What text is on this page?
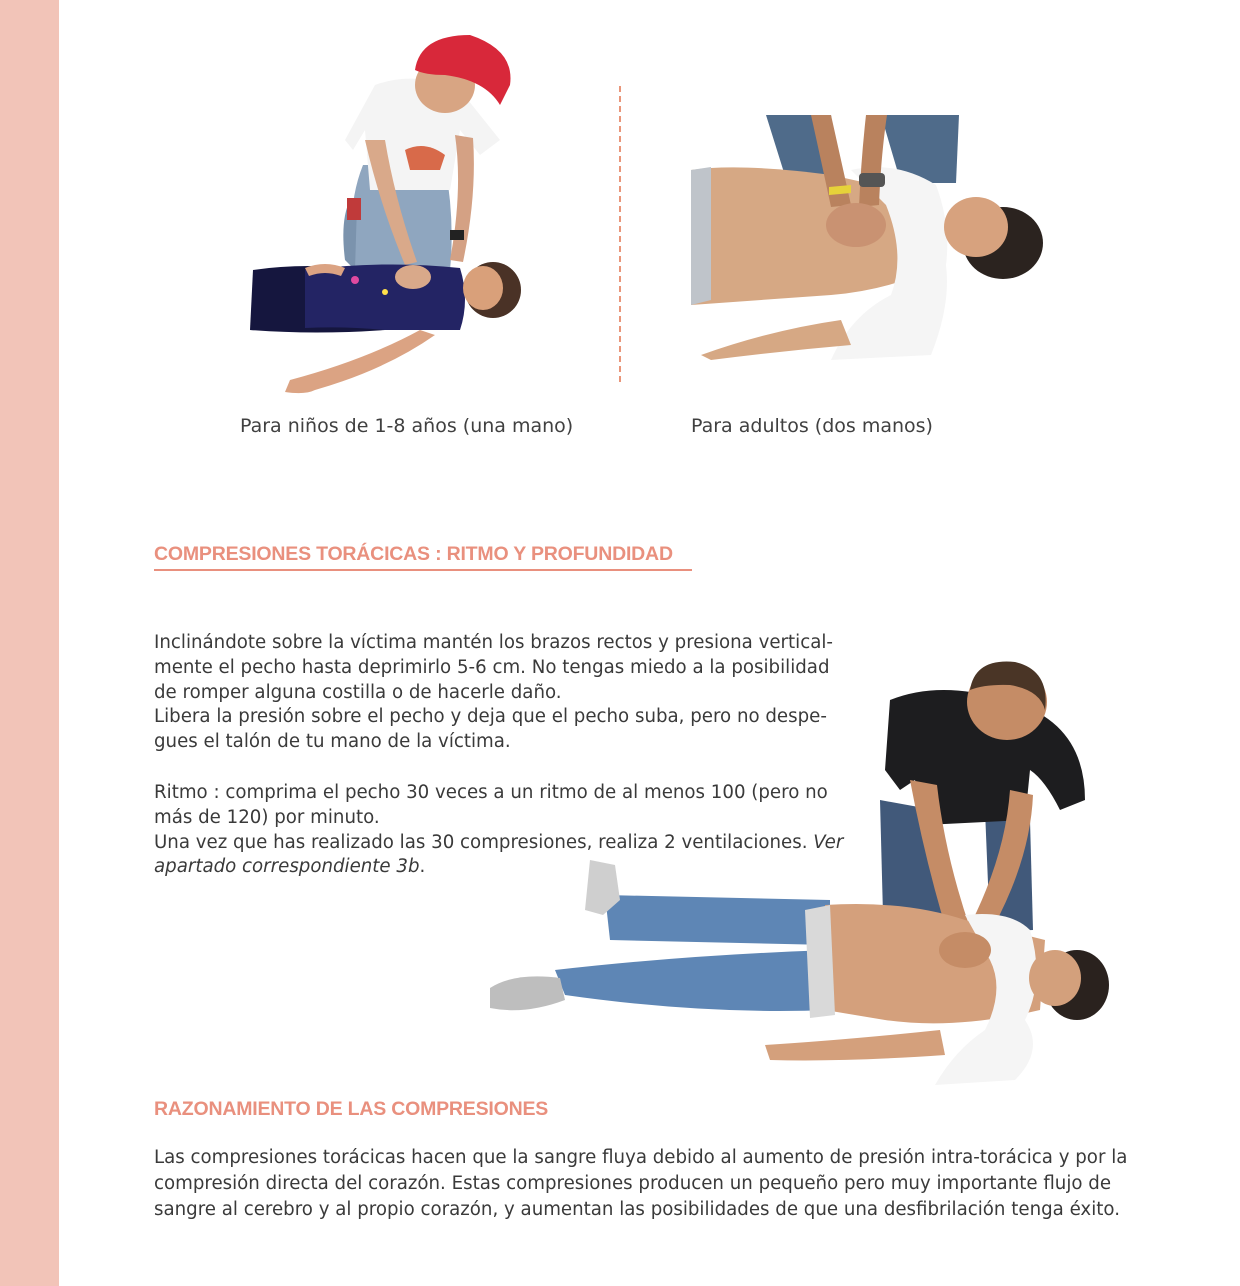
Para niños de 1-8 años (una mano)	Para adultos (dos manos)
COMPRESIONES TORÁCICAS : RITMO Y PROFUNDIDAD
Inclinándote sobre la víctima mantén los brazos rectos y presiona vertical-
mente el pecho hasta deprimirlo 5-6 cm. No tengas miedo a la posibilidad
de romper alguna costilla o de hacerle daño.
Libera la presión sobre el pecho y deja que el pecho suba, pero no despe-
gues el talón de tu mano de la víctima.
Ritmo : comprima el pecho 30 veces a un ritmo de al menos 100 (pero no
más de 120) por minuto.
Una vez que has realizado las 30 compresiones, realiza 2 ventilaciones. Ver
apartado correspondiente 3b.
RAZONAMIENTO DE LAS COMPRESIONES
Las compresiones torácicas hacen que la sangre fluya debido al aumento de presión intra-torácica y por la
compresión directa del corazón. Estas compresiones producen un pequeño pero muy importante flujo de
sangre al cerebro y al propio corazón, y aumentan las posibilidades de que una desfibrilación tenga éxito.
